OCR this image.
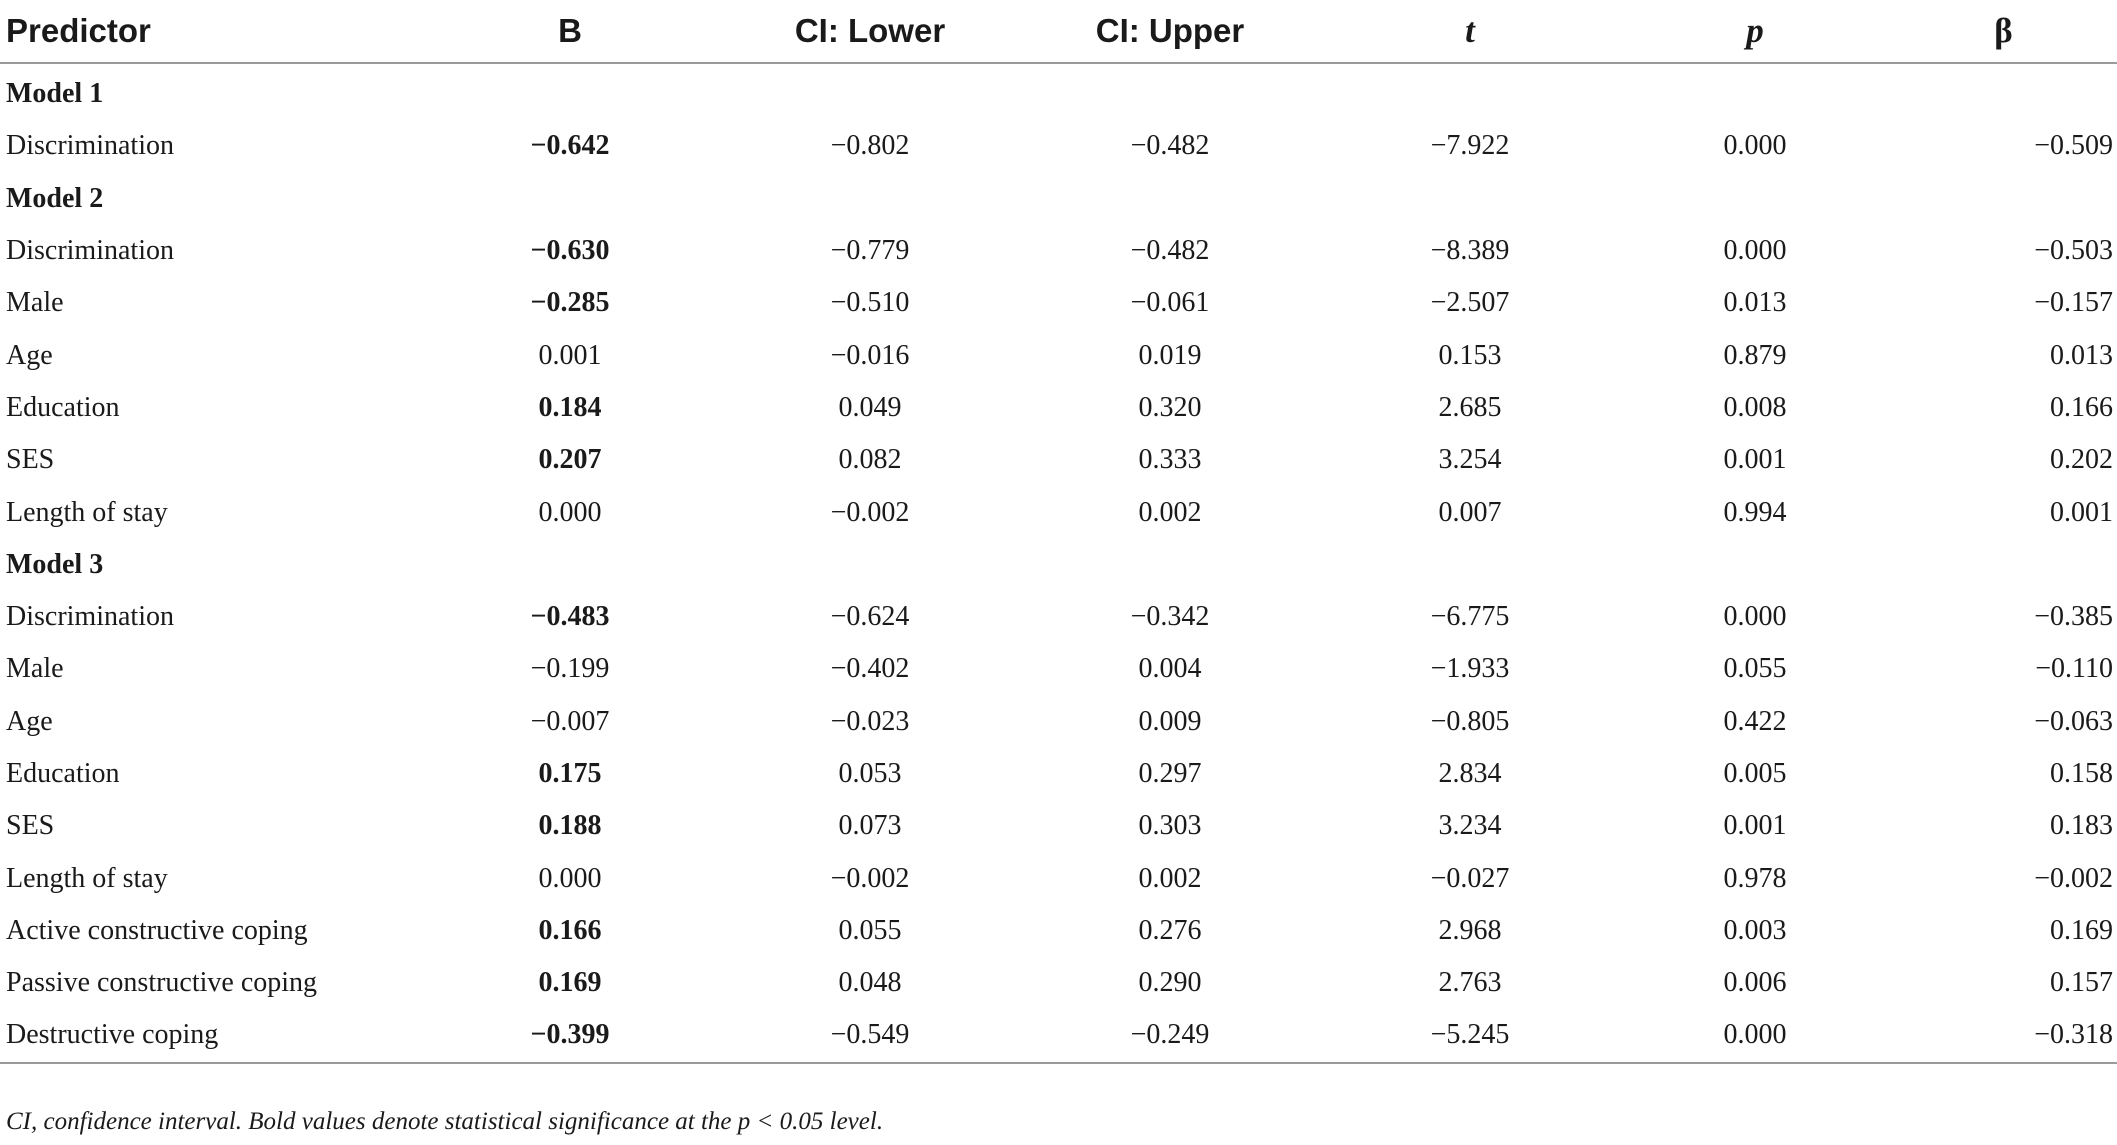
Predictor	B	CI: Lower	CI: Upper	t	p	β
Model 1						
Discrimination	−0.642	−0.802	−0.482	−7.922	0.000	−0.509
Model 2						
Discrimination	−0.630	−0.779	−0.482	−8.389	0.000	−0.503
Male	−0.285	−0.510	−0.061	−2.507	0.013	−0.157
Age	0.001	−0.016	0.019	0.153	0.879	0.013
Education	0.184	0.049	0.320	2.685	0.008	0.166
SES	0.207	0.082	0.333	3.254	0.001	0.202
Length of stay	0.000	−0.002	0.002	0.007	0.994	0.001
Model 3						
Discrimination	−0.483	−0.624	−0.342	−6.775	0.000	−0.385
Male	−0.199	−0.402	0.004	−1.933	0.055	−0.110
Age	−0.007	−0.023	0.009	−0.805	0.422	−0.063
Education	0.175	0.053	0.297	2.834	0.005	0.158
SES	0.188	0.073	0.303	3.234	0.001	0.183
Length of stay	0.000	−0.002	0.002	−0.027	0.978	−0.002
Active constructive coping	0.166	0.055	0.276	2.968	0.003	0.169
Passive constructive coping	0.169	0.048	0.290	2.763	0.006	0.157
Destructive coping	−0.399	−0.549	−0.249	−5.245	0.000	−0.318
CI, confidence interval. Bold values denote statistical significance at the p < 0.05 level.
